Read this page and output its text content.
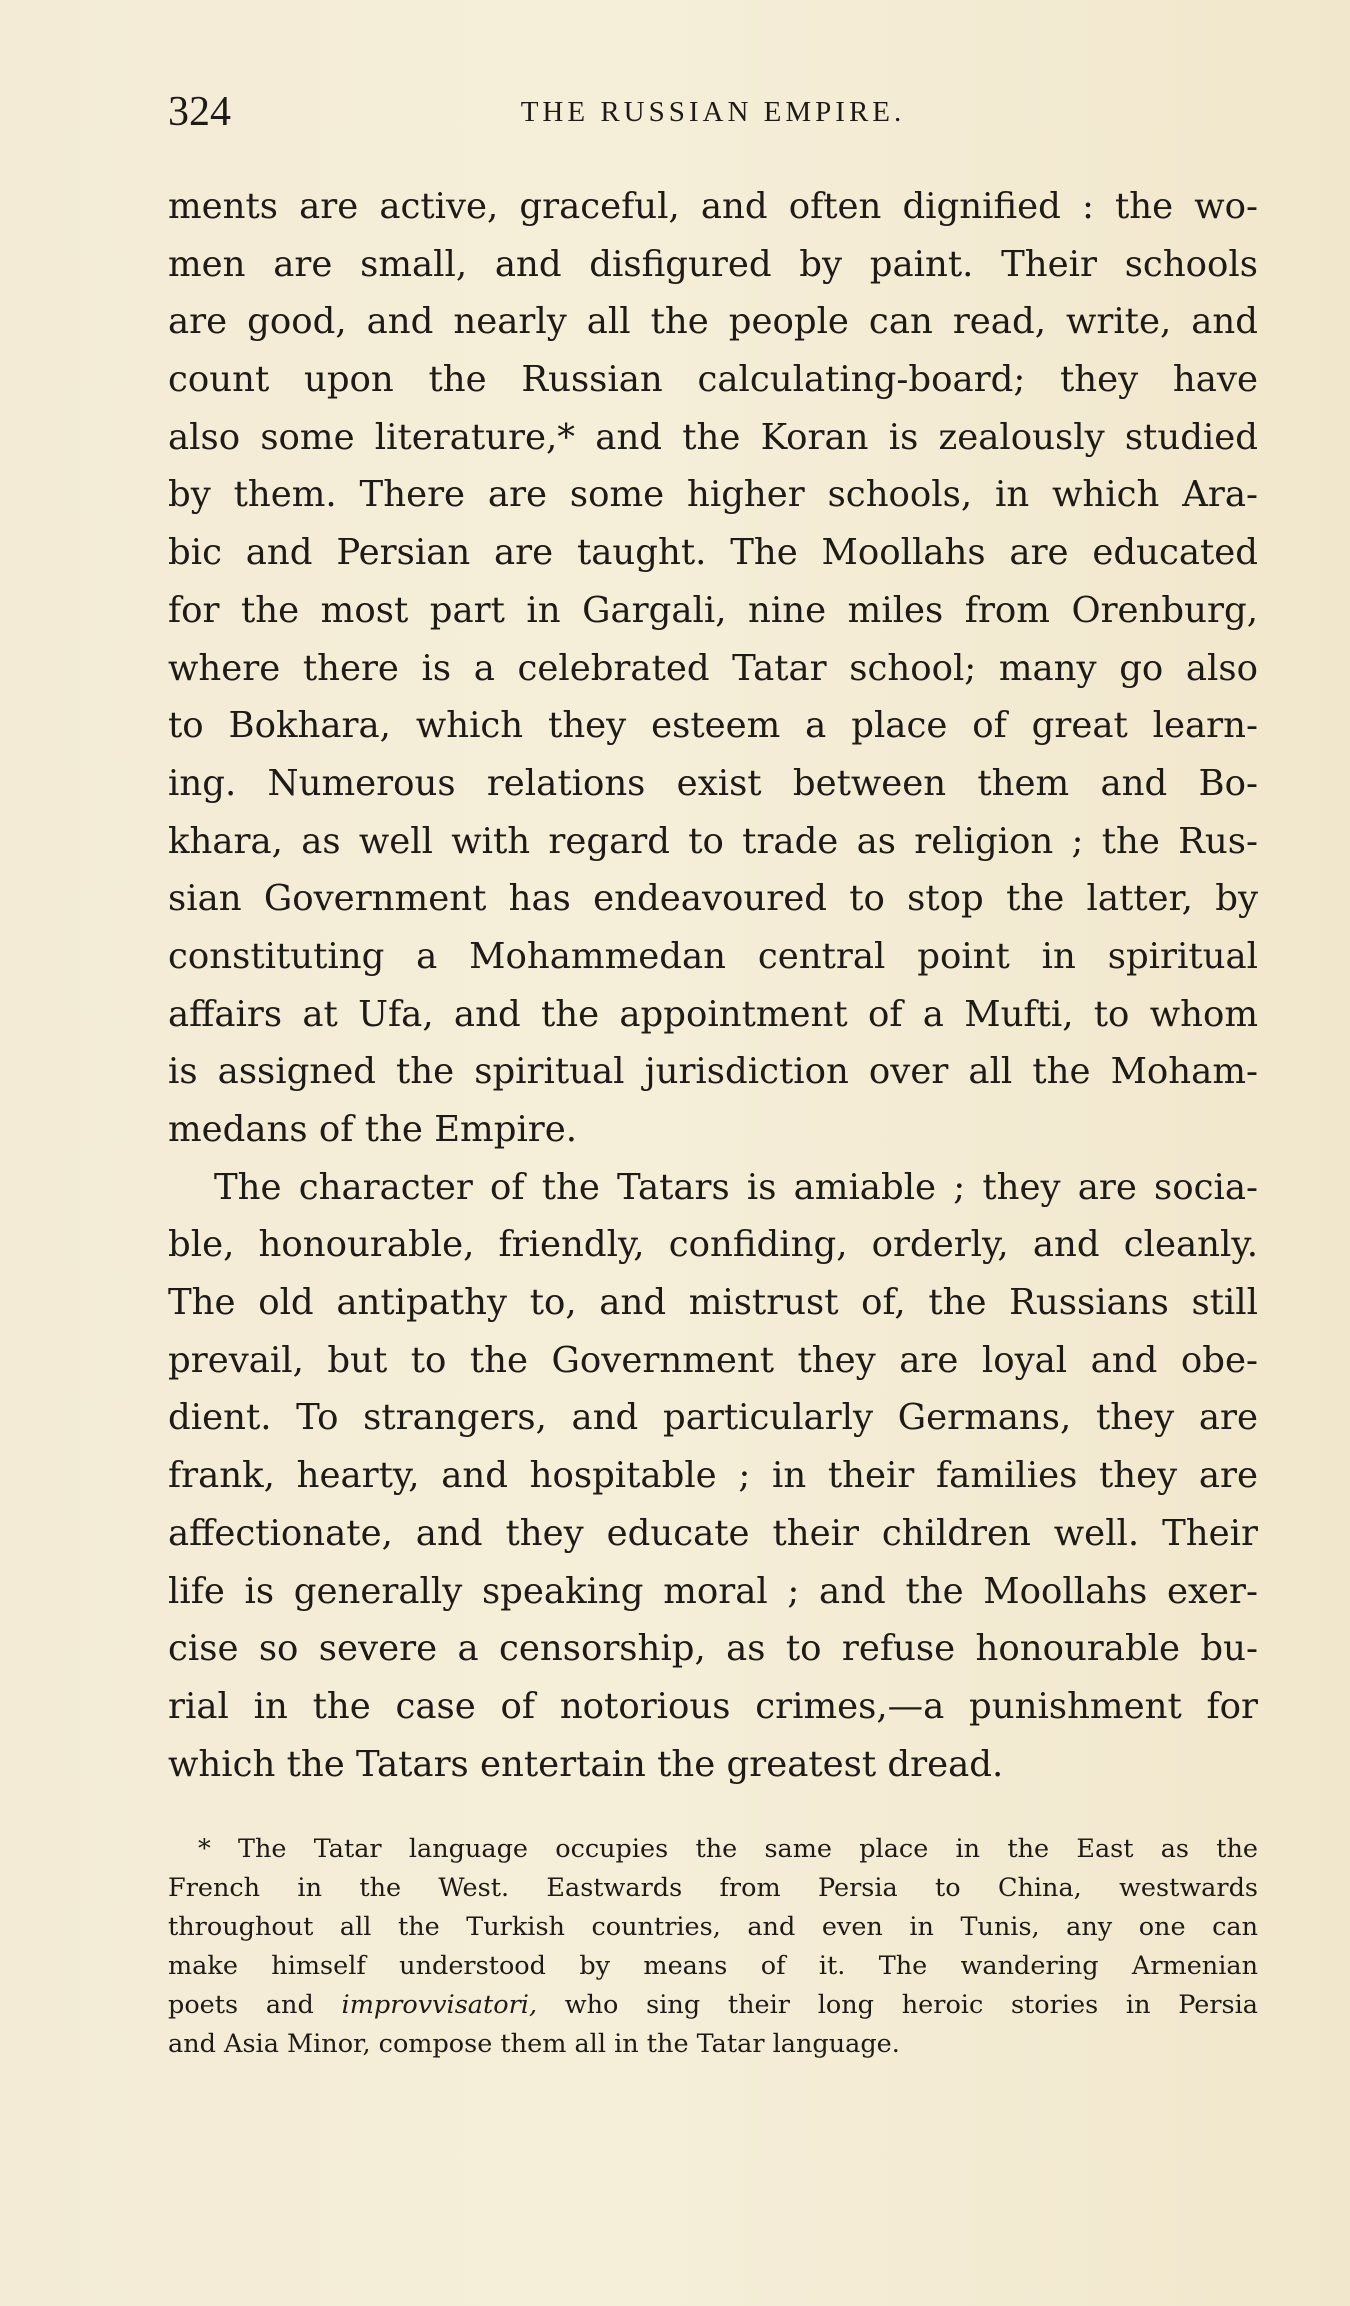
324	THE RUSSIAN EMPIRE.

ments are active, graceful, and often dignified : the wo-
men are small, and disfigured by paint. Their schools
are good, and nearly all the people can read, write, and
count upon the Russian calculating-board; they have
also some literature,* and the Koran is zealously studied
by them. There are some higher schools, in which Ara-
bic and Persian are taught. The Moollahs are educated
for the most part in Gargali, nine miles from Orenburg,
where there is a celebrated Tatar school; many go also
to Bokhara, which they esteem a place of great learn-
ing. Numerous relations exist between them and Bo-
khara, as well with regard to trade as religion ; the Rus-
sian Government has endeavoured to stop the latter, by
constituting a Mohammedan central point in spiritual
affairs at Ufa, and the appointment of a Mufti, to whom
is assigned the spiritual jurisdiction over all the Moham-
medans of the Empire.

The character of the Tatars is amiable ; they are socia-
ble, honourable, friendly, confiding, orderly, and cleanly.
The old antipathy to, and mistrust of, the Russians still
prevail, but to the Government they are loyal and obe-
dient. To strangers, and particularly Germans, they are
frank, hearty, and hospitable ; in their families they are
affectionate, and they educate their children well. Their
life is generally speaking moral ; and the Moollahs exer-
cise so severe a censorship, as to refuse honourable bu-
rial in the case of notorious crimes,—a punishment for
which the Tatars entertain the greatest dread.

* The Tatar language occupies the same place in the East as the
French in the West. Eastwards from Persia to China, westwards
throughout all the Turkish countries, and even in Tunis, any one can
make himself understood by means of it. The wandering Armenian
poets and improvvisatori, who sing their long heroic stories in Persia
and Asia Minor, compose them all in the Tatar language.
